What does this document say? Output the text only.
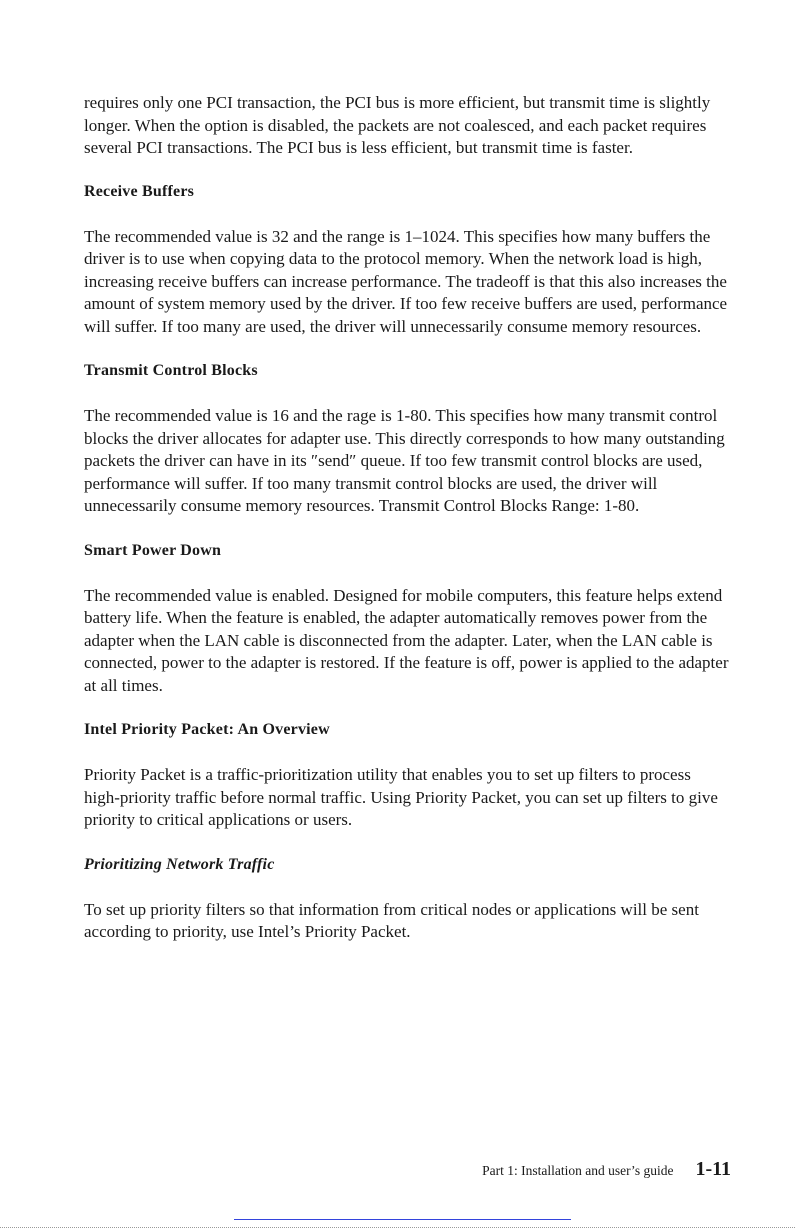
requires only one PCI transaction, the PCI bus is more efficient, but transmit time is slightly longer. When the option is disabled, the packets are not coalesced, and each packet requires several PCI transactions. The PCI bus is less efficient, but transmit time is faster.

Receive Buffers

The recommended value is 32 and the range is 1–1024. This specifies how many buffers the driver is to use when copying data to the protocol memory. When the network load is high, increasing receive buffers can increase performance. The tradeoff is that this also increases the amount of system memory used by the driver. If too few receive buffers are used, performance will suffer. If too many are used, the driver will unnecessarily consume memory resources.

Transmit Control Blocks

The recommended value is 16 and the rage is 1-80. This specifies how many transmit control blocks the driver allocates for adapter use. This directly corresponds to how many outstanding packets the driver can have in its ″send″ queue. If too few transmit control blocks are used, performance will suffer. If too many transmit control blocks are used, the driver will unnecessarily consume memory resources. Transmit Control Blocks Range: 1-80.

Smart Power Down

The recommended value is enabled. Designed for mobile computers, this feature helps extend battery life. When the feature is enabled, the adapter automatically removes power from the adapter when the LAN cable is disconnected from the adapter. Later, when the LAN cable is connected, power to the adapter is restored. If the feature is off, power is applied to the adapter at all times.

Intel Priority Packet: An Overview

Priority Packet is a traffic-prioritization utility that enables you to set up filters to process high-priority traffic before normal traffic. Using Priority Packet, you can set up filters to give priority to critical applications or users.

Prioritizing Network Traffic

To set up priority filters so that information from critical nodes or applications will be sent according to priority, use Intel’s Priority Packet.

Part 1: Installation and user’s guide 1-11
